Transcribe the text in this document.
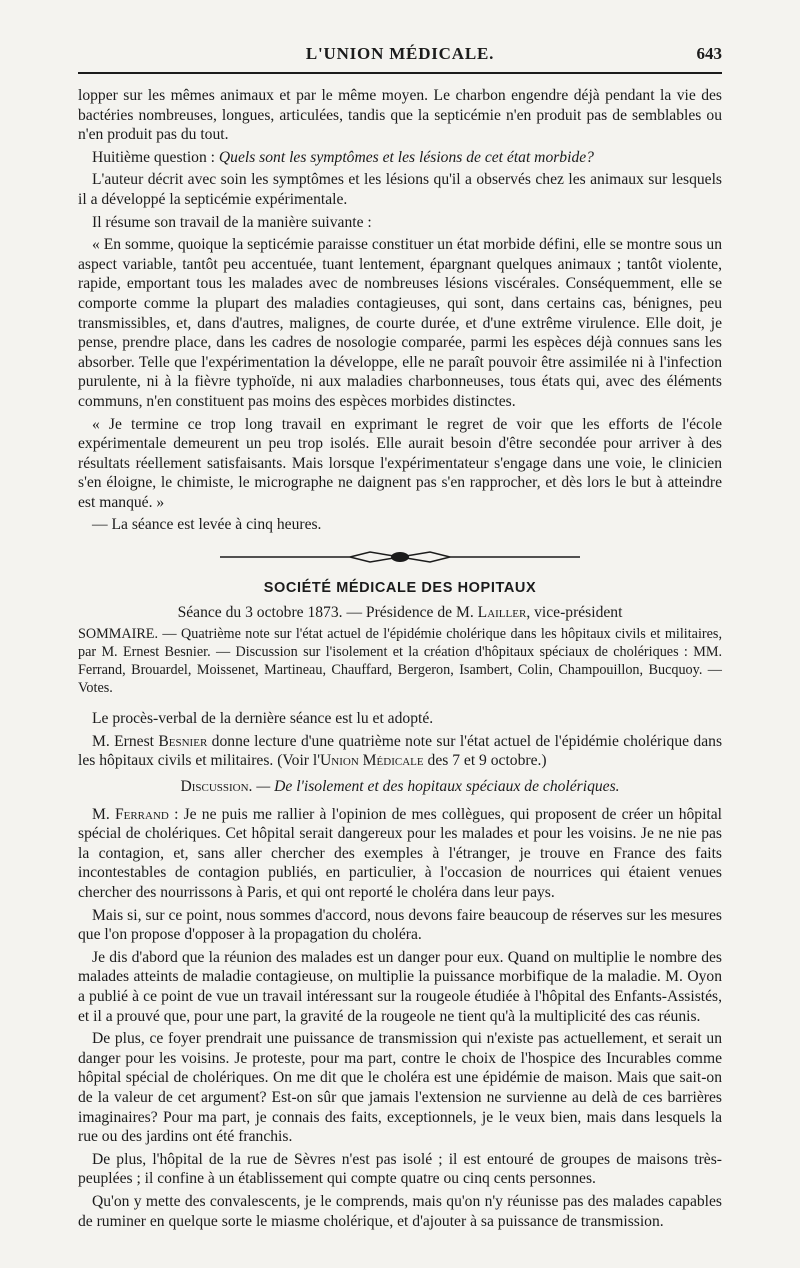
L'UNION MÉDICALE.	643

lopper sur les mêmes animaux et par le même moyen. Le charbon engendre déjà pendant la vie des bactéries nombreuses, longues, articulées, tandis que la septicémie n'en produit pas de semblables ou n'en produit pas du tout.

Huitième question : Quels sont les symptômes et les lésions de cet état morbide?

L'auteur décrit avec soin les symptômes et les lésions qu'il a observés chez les animaux sur lesquels il a développé la septicémie expérimentale.

Il résume son travail de la manière suivante :

« En somme, quoique la septicémie paraisse constituer un état morbide défini, elle se montre sous un aspect variable, tantôt peu accentuée, tuant lentement, épargnant quelques animaux ; tantôt violente, rapide, emportant tous les malades avec de nombreuses lésions viscérales. Conséquemment, elle se comporte comme la plupart des maladies contagieuses, qui sont, dans certains cas, bénignes, peu transmissibles, et, dans d'autres, malignes, de courte durée, et d'une extrême virulence. Elle doit, je pense, prendre place, dans les cadres de nosologie comparée, parmi les espèces déjà connues sans les absorber. Telle que l'expérimentation la développe, elle ne paraît pouvoir être assimilée ni à l'infection purulente, ni à la fièvre typhoïde, ni aux maladies charbonneuses, tous états qui, avec des éléments communs, n'en constituent pas moins des espèces morbides distinctes.

« Je termine ce trop long travail en exprimant le regret de voir que les efforts de l'école expérimentale demeurent un peu trop isolés. Elle aurait besoin d'être secondée pour arriver à des résultats réellement satisfaisants. Mais lorsque l'expérimentateur s'engage dans une voie, le clinicien s'en éloigne, le chimiste, le micrographe ne daignent pas s'en rapprocher, et dès lors le but à atteindre est manqué. »

— La séance est levée à cinq heures.

SOCIÉTÉ MÉDICALE DES HOPITAUX
Séance du 3 octobre 1873. — Présidence de M. Lailler, vice-président

SOMMAIRE. — Quatrième note sur l'état actuel de l'épidémie cholérique dans les hôpitaux civils et militaires, par M. Ernest Besnier. — Discussion sur l'isolement et la création d'hôpitaux spéciaux de cholériques : MM. Ferrand, Brouardel, Moissenet, Martineau, Chauffard, Bergeron, Isambert, Colin, Champouillon, Bucquoy. — Votes.

Le procès-verbal de la dernière séance est lu et adopté.

M. Ernest Besnier donne lecture d'une quatrième note sur l'état actuel de l'épidémie cholérique dans les hôpitaux civils et militaires. (Voir l'Union Médicale des 7 et 9 octobre.)

Discussion. — De l'isolement et des hopitaux spéciaux de cholériques.

M. Ferrand : Je ne puis me rallier à l'opinion de mes collègues, qui proposent de créer un hôpital spécial de cholériques. Cet hôpital serait dangereux pour les malades et pour les voisins. Je ne nie pas la contagion, et, sans aller chercher des exemples à l'étranger, je trouve en France des faits incontestables de contagion publiés, en particulier, à l'occasion de nourrices qui étaient venues chercher des nourrissons à Paris, et qui ont reporté le choléra dans leur pays.

Mais si, sur ce point, nous sommes d'accord, nous devons faire beaucoup de réserves sur les mesures que l'on propose d'opposer à la propagation du choléra.

Je dis d'abord que la réunion des malades est un danger pour eux. Quand on multiplie le nombre des malades atteints de maladie contagieuse, on multiplie la puissance morbifique de la maladie. M. Oyon a publié à ce point de vue un travail intéressant sur la rougeole étudiée à l'hôpital des Enfants-Assistés, et il a prouvé que, pour une part, la gravité de la rougeole ne tient qu'à la multiplicité des cas réunis.

De plus, ce foyer prendrait une puissance de transmission qui n'existe pas actuellement, et serait un danger pour les voisins. Je proteste, pour ma part, contre le choix de l'hospice des Incurables comme hôpital spécial de cholériques. On me dit que le choléra est une épidémie de maison. Mais que sait-on de la valeur de cet argument? Est-on sûr que jamais l'extension ne survienne au delà de ces barrières imaginaires? Pour ma part, je connais des faits, exceptionnels, je le veux bien, mais dans lesquels la rue ou des jardins ont été franchis.

De plus, l'hôpital de la rue de Sèvres n'est pas isolé ; il est entouré de groupes de maisons très-peuplées ; il confine à un établissement qui compte quatre ou cinq cents personnes.

Qu'on y mette des convalescents, je le comprends, mais qu'on n'y réunisse pas des malades capables de ruminer en quelque sorte le miasme cholérique, et d'ajouter à sa puissance de transmission.
